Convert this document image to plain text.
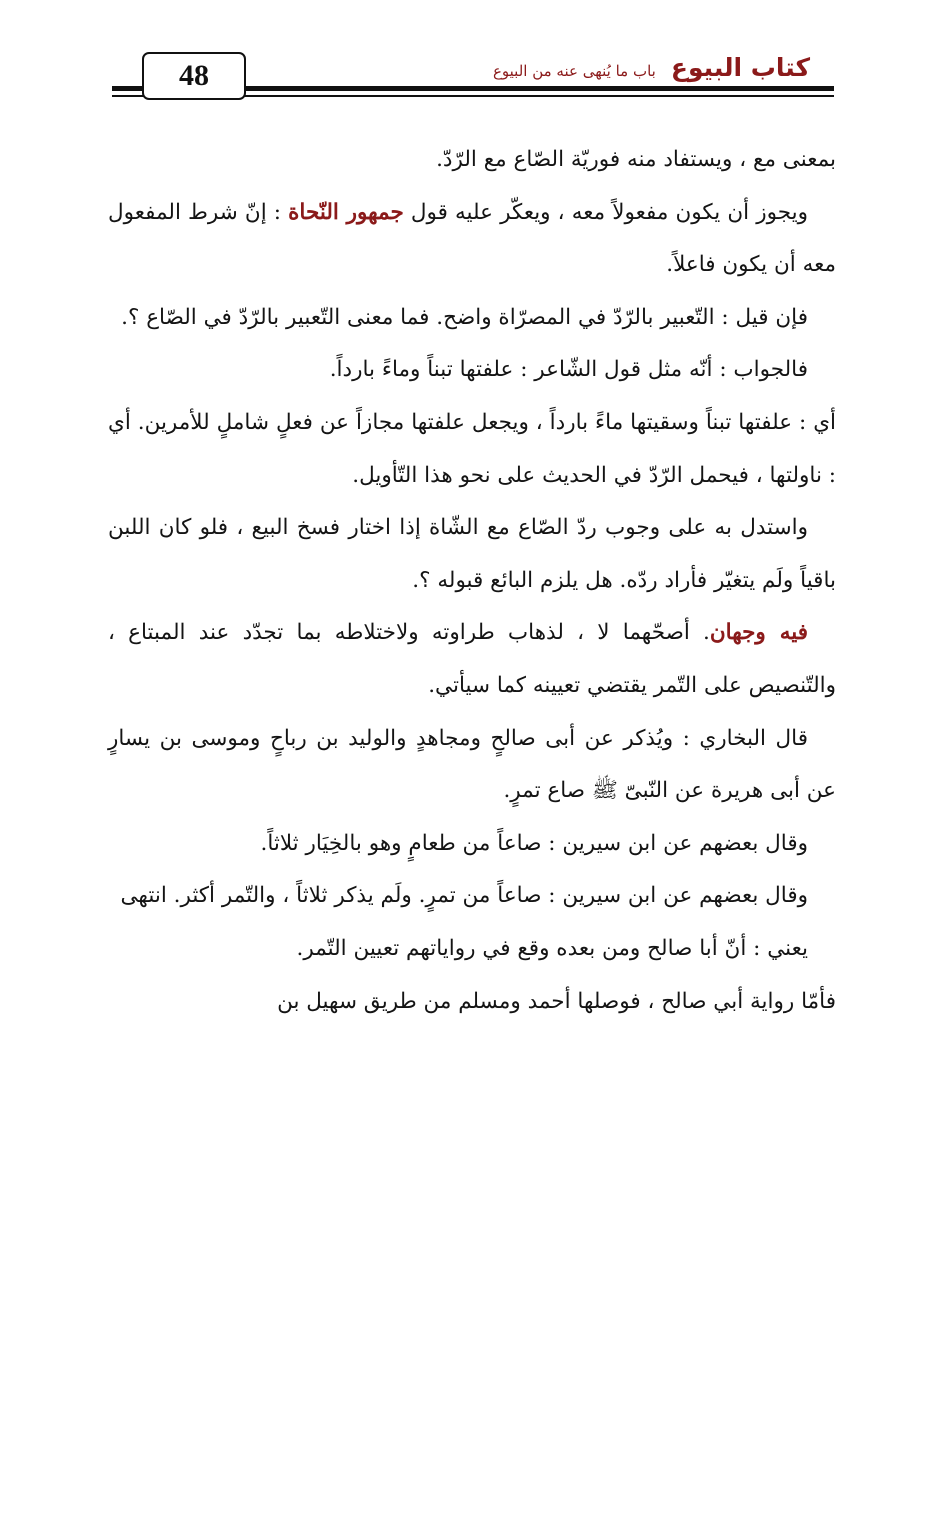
48	كتاب البيوع باب ما يُنهى عنه من البيوع

بمعنى مع ، ويستفاد منه فوريّة الصّاع مع الرّدّ.

ويجوز أن يكون مفعولاً معه ، ويعكّر عليه قول جمهور النّحاة : إنّ شرط المفعول معه أن يكون فاعلاً.

فإن قيل : التّعبير بالرّدّ في المصرّاة واضح. فما معنى التّعبير بالرّدّ في الصّاع ؟.

فالجواب : أنّه مثل قول الشّاعر : علفتها تبناً وماءً بارداً.

أي : علفتها تبناً وسقيتها ماءً بارداً ، ويجعل علفتها مجازاً عن فعلٍ شاملٍ للأمرين. أي : ناولتها ، فيحمل الرّدّ في الحديث على نحو هذا التّأويل.

واستدل به على وجوب ردّ الصّاع مع الشّاة إذا اختار فسخ البيع ، فلو كان اللبن باقياً ولَم يتغيّر فأراد ردّه. هل يلزم البائع قبوله ؟.

فيه وجهان. أصحّهما لا ، لذهاب طراوته ولاختلاطه بما تجدّد عند المبتاع ، والتّنصيص على التّمر يقتضي تعيينه كما سيأتي.

قال البخاري : ويُذكر عن أبى صالحٍ ومجاهدٍ والوليد بن رباحٍ وموسى بن يسارٍ عن أبى هريرة عن النّبىّ ﷺ صاع تمرٍ.

وقال بعضهم عن ابن سيرين : صاعاً من طعامٍ وهو بالخِيَار ثلاثاً.

وقال بعضهم عن ابن سيرين : صاعاً من تمرٍ. ولَم يذكر ثلاثاً ، والتّمر أكثر. انتهى

يعني : أنّ أبا صالح ومن بعده وقع في رواياتهم تعيين التّمر.

فأمّا رواية أبي صالح ، فوصلها أحمد ومسلم من طريق سهيل بن
